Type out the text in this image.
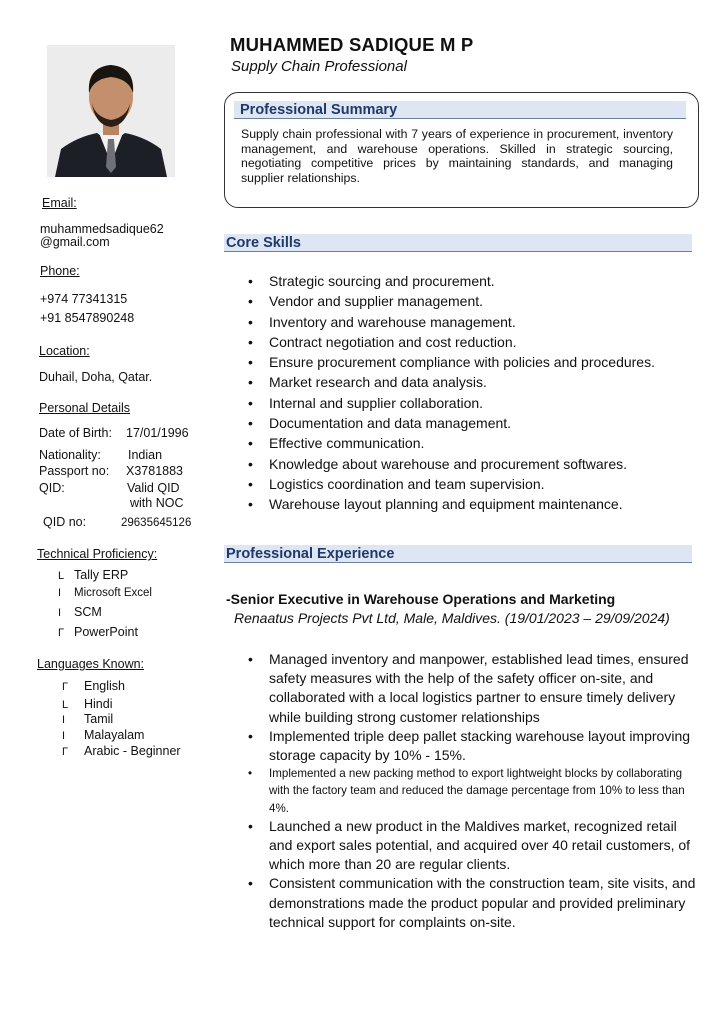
Email:
muhammedsadique62
@gmail.com
Phone:
+974 77341315
+91 8547890248
Location:
Duhail, Doha, Qatar.
Personal Details
Date of Birth: 17/01/1996
Nationality: Indian
Passport no: X3781883
QID:	Valid QID
with NOC
QID no:	29635645126
Technical Proficiency:
L Tally ERP
I Microsoft Excel
I SCM
Γ PowerPoint
Languages Known:
Γ English
L Hindi
I Tamil
I Malayalam
Γ Arabic - Beginner
MUHAMMED SADIQUE M P
Supply Chain Professional
Professional Summary
Supply chain professional with 7 years of experience in procurement, inventory management, and warehouse operations. Skilled in strategic sourcing, negotiating competitive prices by maintaining standards, and managing supplier relationships.
Core Skills
• Strategic sourcing and procurement.
• Vendor and supplier management.
• Inventory and warehouse management.
• Contract negotiation and cost reduction.
• Ensure procurement compliance with policies and procedures.
• Market research and data analysis.
• Internal and supplier collaboration.
• Documentation and data management.
• Effective communication.
• Knowledge about warehouse and procurement softwares.
• Logistics coordination and team supervision.
• Warehouse layout planning and equipment maintenance.
Professional Experience
-Senior Executive in Warehouse Operations and Marketing
Renaatus Projects Pvt Ltd, Male, Maldives. (19/01/2023 – 29/09/2024)
• Managed inventory and manpower, established lead times, ensured safety measures with the help of the safety officer on-site, and collaborated with a local logistics partner to ensure timely delivery while building strong customer relationships
• Implemented triple deep pallet stacking warehouse layout improving storage capacity by 10% - 15%.
• Implemented a new packing method to export lightweight blocks by collaborating with the factory team and reduced the damage percentage from 10% to less than 4%.
• Launched a new product in the Maldives market, recognized retail and export sales potential, and acquired over 40 retail customers, of which more than 20 are regular clients.
• Consistent communication with the construction team, site visits, and demonstrations made the product popular and provided preliminary technical support for complaints on-site.
